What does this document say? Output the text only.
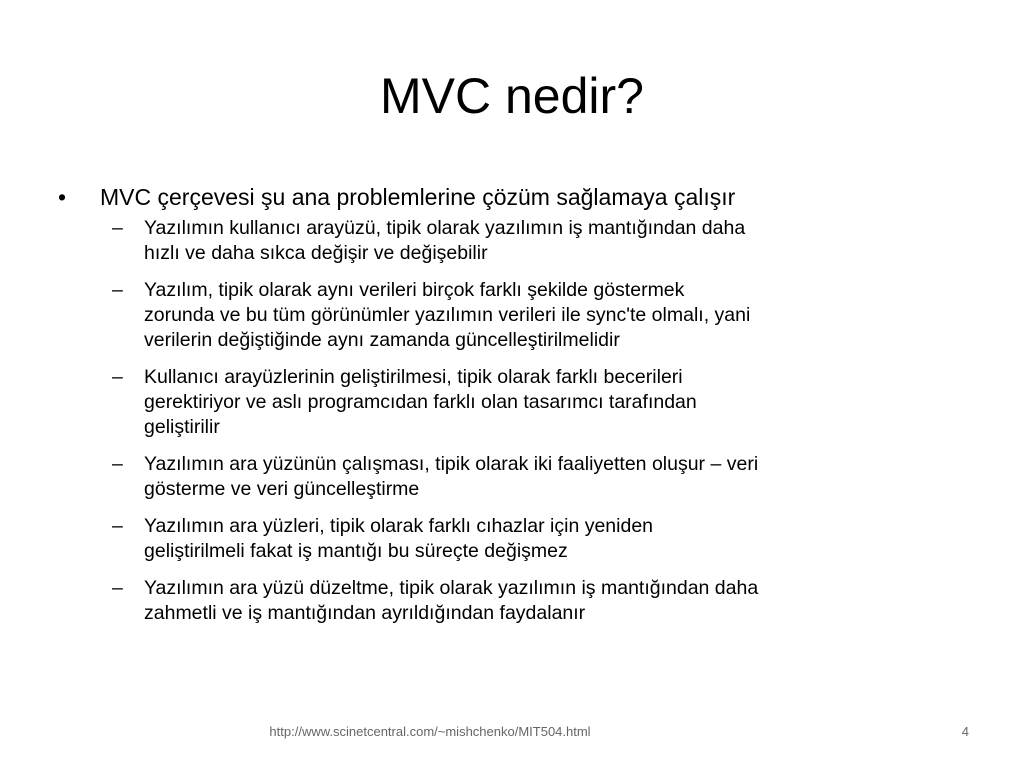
MVC nedir?
•	MVC çerçevesi şu ana problemlerine çözüm sağlamaya çalışır
–	Yazılımın kullanıcı arayüzü, tipik olarak yazılımın iş mantığından daha
hızlı ve daha sıkca değişir ve değişebilir
–	Yazılım, tipik olarak aynı verileri birçok farklı şekilde göstermek
zorunda ve bu tüm görünümler yazılımın verileri ile sync'te olmalı, yani
verilerin değiştiğinde aynı zamanda güncelleştirilmelidir
–	Kullanıcı arayüzlerinin geliştirilmesi, tipik olarak farklı becerileri
gerektiriyor ve aslı programcıdan farklı olan tasarımcı tarafından
geliştirilir
–	Yazılımın ara yüzünün çalışması, tipik olarak iki faaliyetten oluşur – veri
gösterme ve veri güncelleştirme
–	Yazılımın ara yüzleri, tipik olarak farklı cıhazlar için yeniden
geliştirilmeli fakat iş mantığı bu süreçte değişmez
–	Yazılımın ara yüzü düzeltme, tipik olarak yazılımın iş mantığından daha
zahmetli ve iş mantığından ayrıldığından faydalanır
http://www.scinetcentral.com/~mishchenko/MIT504.html	4
